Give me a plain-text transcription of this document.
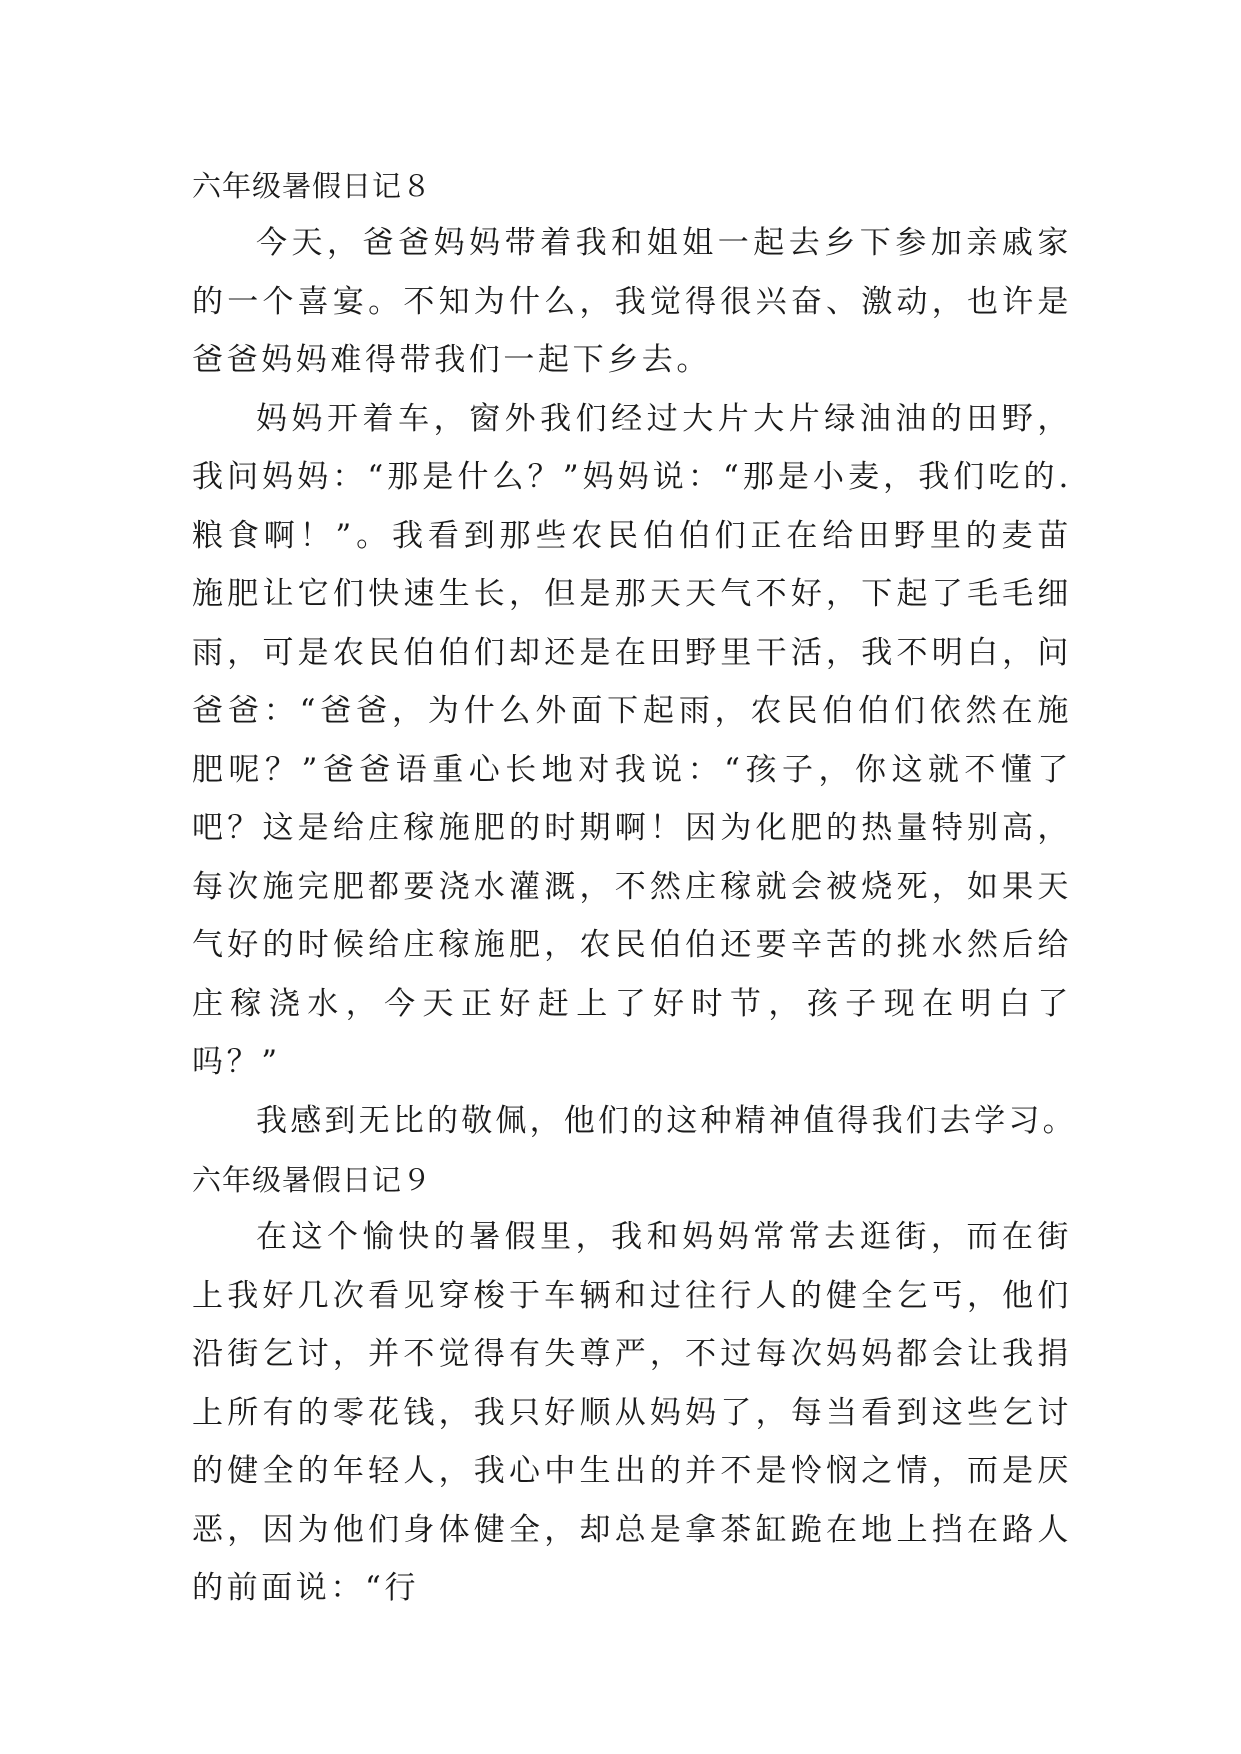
六年级暑假日记８

今天，爸爸妈妈带着我和姐姐一起去乡下参加亲戚家的一个喜宴。不知为什么，我觉得很兴奋、激动，也许是爸爸妈妈难得带我们一起下乡去。

妈妈开着车，窗外我们经过大片大片绿油油的田野，我问妈妈：“那是什么？”妈妈说：“那是小麦，我们吃的.粮食啊！”。我看到那些农民伯伯们正在给田野里的麦苗施肥让它们快速生长，但是那天天气不好，下起了毛毛细雨，可是农民伯伯们却还是在田野里干活，我不明白，问爸爸：“爸爸，为什么外面下起雨，农民伯伯们依然在施肥呢？”爸爸语重心长地对我说：“孩子，你这就不懂了吧？这是给庄稼施肥的时期啊！因为化肥的热量特别高，每次施完肥都要浇水灌溉，不然庄稼就会被烧死，如果天气好的时候给庄稼施肥，农民伯伯还要辛苦的挑水然后给庄稼浇水，今天正好赶上了好时节，孩子现在明白了吗？”

我感到无比的敬佩，他们的这种精神值得我们去学习。

六年级暑假日记９

在这个愉快的暑假里，我和妈妈常常去逛街，而在街上我好几次看见穿梭于车辆和过往行人的健全乞丐，他们沿街乞讨，并不觉得有失尊严，不过每次妈妈都会让我捐上所有的零花钱，我只好顺从妈妈了，每当看到这些乞讨的健全的年轻人，我心中生出的并不是怜悯之情，而是厌恶，因为他们身体健全，却总是拿茶缸跪在地上挡在路人的前面说：“行
